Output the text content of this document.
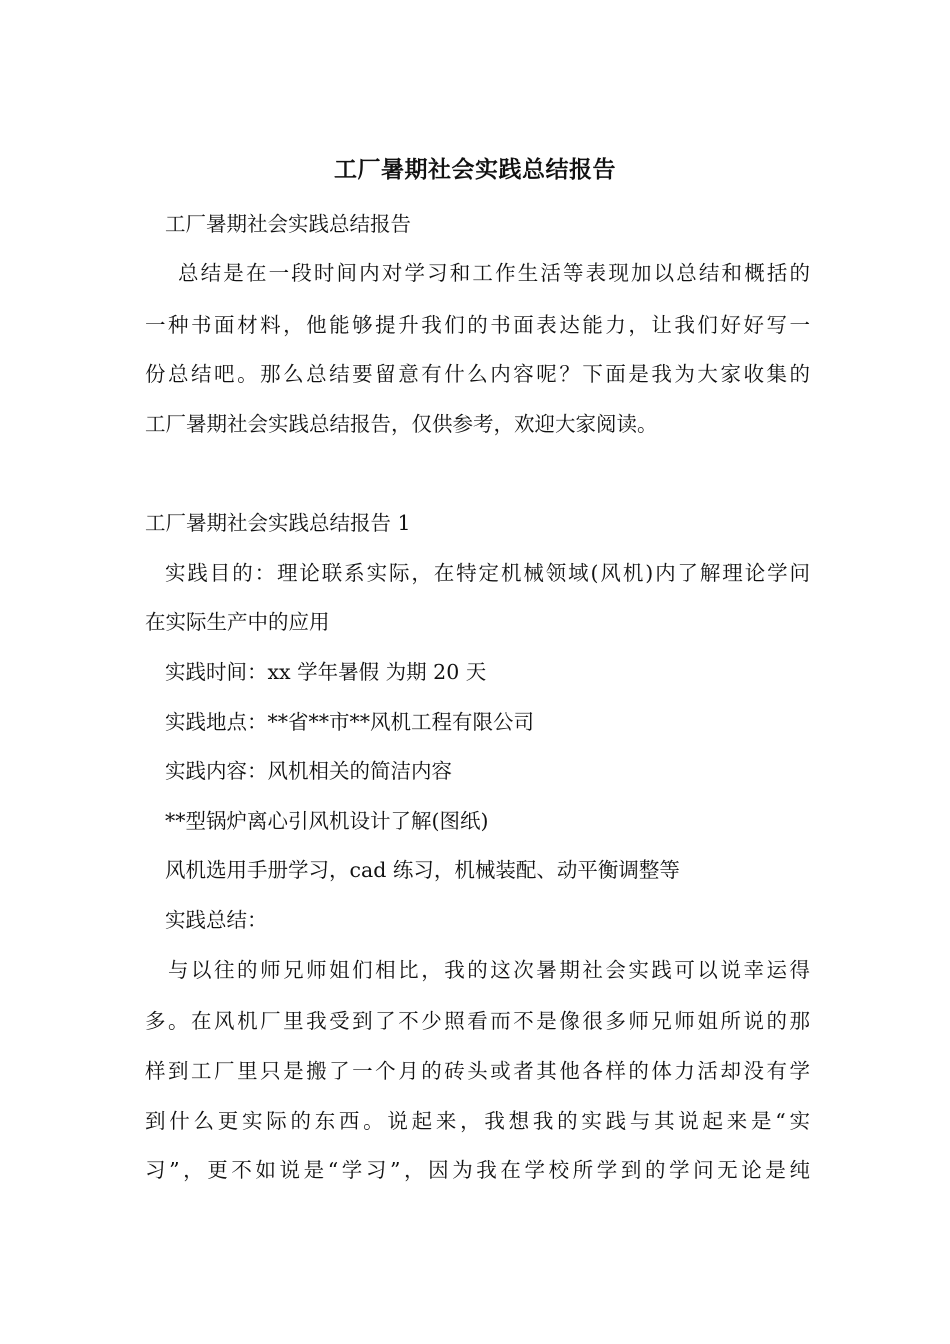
工厂暑期社会实践总结报告

工厂暑期社会实践总结报告

总结是在一段时间内对学习和工作生活等表现加以总结和概括的

一种书面材料，他能够提升我们的书面表达能力，让我们好好写一

份总结吧。那么总结要留意有什么内容呢？下面是我为大家收集的

工厂暑期社会实践总结报告，仅供参考，欢迎大家阅读。

工厂暑期社会实践总结报告 1

实践目的：理论联系实际，在特定机械领域(风机)内了解理论学问

在实际生产中的应用

实践时间：xx 学年暑假 为期 20 天

实践地点：**省**市**风机工程有限公司

实践内容：风机相关的简洁内容

**型锅炉离心引风机设计了解(图纸)

风机选用手册学习，cad 练习，机械装配、动平衡调整等

实践总结：

与以往的师兄师姐们相比，我的这次暑期社会实践可以说幸运得

多。在风机厂里我受到了不少照看而不是像很多师兄师姐所说的那

样到工厂里只是搬了一个月的砖头或者其他各样的体力活却没有学

到什么更实际的东西。说起来，我想我的实践与其说起来是“实

习”，更不如说是“学习”，因为我在学校所学到的学问无论是纯
